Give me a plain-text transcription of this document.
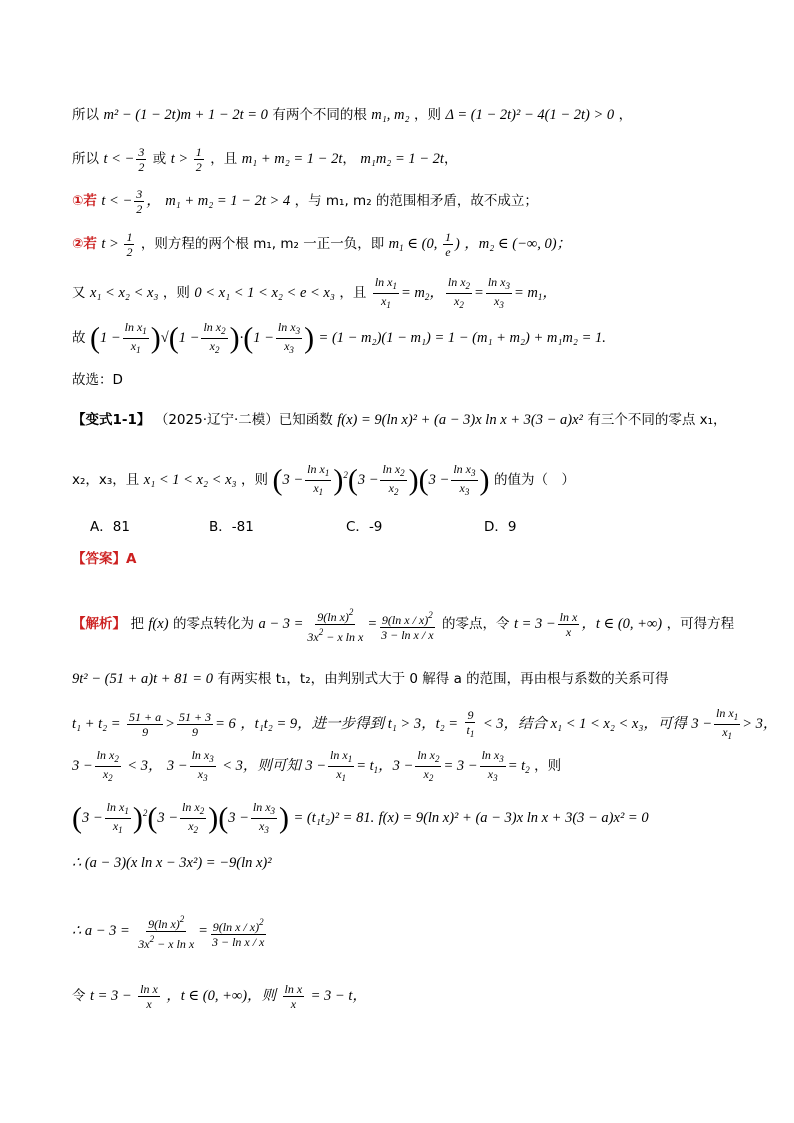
所以 m² − (1 − 2t)m + 1 − 2t = 0 有两个不同的根 m₁, m₂ ，则 Δ = (1 − 2t)² − 4(1 − 2t) > 0 ，
所以 t < − $\frac{3}{2}$ 或 $t > \frac{1}{2}$ ，且 m₁ + m₂ = 1 − 2t， m₁m₂ = 1 − 2t，
①若 t < − $\frac{3}{2}$ ， m₁ + m₂ = 1 − 2t > 4 ，与 m₁, m₂ 的范围相矛盾，故不成立；
②若 $t > \frac{1}{2}$ ，则方程的两个根 m₁, m₂ 一正一负，即 $m_1$ ∈ (0, $\frac{1}{e}$ ) ，m₂ ∈ (−∞, 0)；
又 x₁ < x₂ < x₃ ，则 0 < x₁ < 1 < x₂ < e < x₃ ，且 $\frac{\ln x_1}{x_1} = m_2$， $\frac{\ln x_2}{x_2} = \frac{\ln x_3}{x_3} = m_1$，
故 $(1 - \frac{\ln x_1}{x_1} )√(1 - \frac{\ln x_2}{x_2} )\cdot(1 - \frac{\ln x_3}{x_3}$ ) = (1 − m₂)(1 − m₁) = 1 − (m₁ + m₂) + m₁m₂ = 1.
故选：D
【变式1-1】 （2025·辽宁·二模）已知函数 f(x) = 9(ln x)² + (a − 3)x ln x + 3(3 − a)x² 有三个不同的零点 x₁，
x₂，x₃，且 x₁ < 1 < x₂ < x₃ ，则 $(3 - \frac{\ln x_1}{x_1} )^2(3 - \frac{\ln x_2}{x_2} )(3 - \frac{\ln x_3}{x_3}$ ) 的值为（　）
A．81	B．-81	C．-9	D．9
【答案】A
【解析】 把 f(x) 的零点转化为 $a - 3 = \frac{9(\ln x)^2}{3x^2 - x \ln x} = \frac{9(\ln x / x)^2}{\text{3 − ln x / x}}$ 的零点，令 $t = 3 - \frac{\text{ln x}}{x}$ ，t ∈ (0, +∞) ，可得方程
9t² − (51 + a)t + 81 = 0 有两实根 t₁，t₂，由判别式大于 0 解得 a 的范围，再由根与系数的关系可得
$t_1 + t_2 = \frac{51 + a}{9} > \frac{51 + 3}{9} = 6$ ，t₁t₂ = 9，进一步得到 t₁ > 3，$t_2 = \frac{9}{t_1} < 3$，结合 x₁ < 1 < x₂ < x₃，可得 $3 - \frac{\ln x_1}{x_1} > 3$，
$3 - \frac{\ln x_2}{x_2} < 3$， $3 - \frac{\ln x_3}{x_3} < 3$，则可知 $3 - \frac{\ln x_1}{x_1} = t_1$，$3 - \frac{\ln x_2}{x_2} = 3 - \frac{\ln x_3}{x_3} = t_2$ ，则
$(3 - \frac{\ln x_1}{x_1} )^2(3 - \frac{\ln x_2}{x_2} )(3 - \frac{\ln x_3}{x_3}$ ) = (t₁t₂)² = 81. f(x) = 9(ln x)² + (a − 3)x ln x + 3(3 − a)x² = 0
∴ (a − 3)(x ln x − 3x²) = −9(ln x)²
∴ $a - 3 = \frac{9(\ln x)^2}{3x^2 - x \ln x} = \frac{9(\ln x / x)^2}{\text{3 − ln x / x}}$
令 $t = 3 - \frac{\text{ln x}}{x}$ ，t ∈ (0, +∞)，则 $\frac{\text{ln x}}{x} = 3 - t$，
